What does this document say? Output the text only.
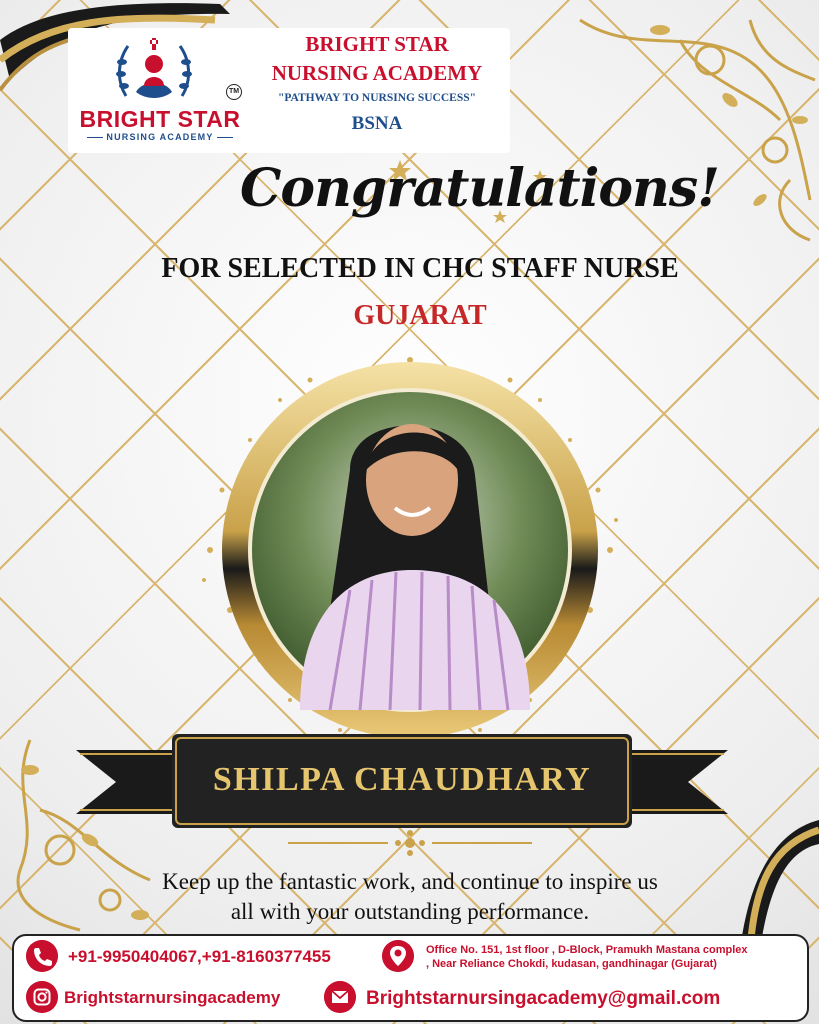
TM
BRIGHT STAR
NURSING ACADEMY
BRIGHT STAR
NURSING ACADEMY
"PATHWAY TO NURSING SUCCESS"
BSNA
Congratulations!
FOR SELECTED IN CHC STAFF NURSE
GUJARAT
SHILPA CHAUDHARY
Keep up the fantastic work, and continue to inspire us
all with your outstanding performance.
+91-9950404067,+91-8160377455	Office No. 151, 1st floor , D-Block, Pramukh Mastana complex
, Near Reliance Chokdi, kudasan, gandhinagar (Gujarat)
Brightstarnursingacademy	Brightstarnursingacademy@gmail.com
